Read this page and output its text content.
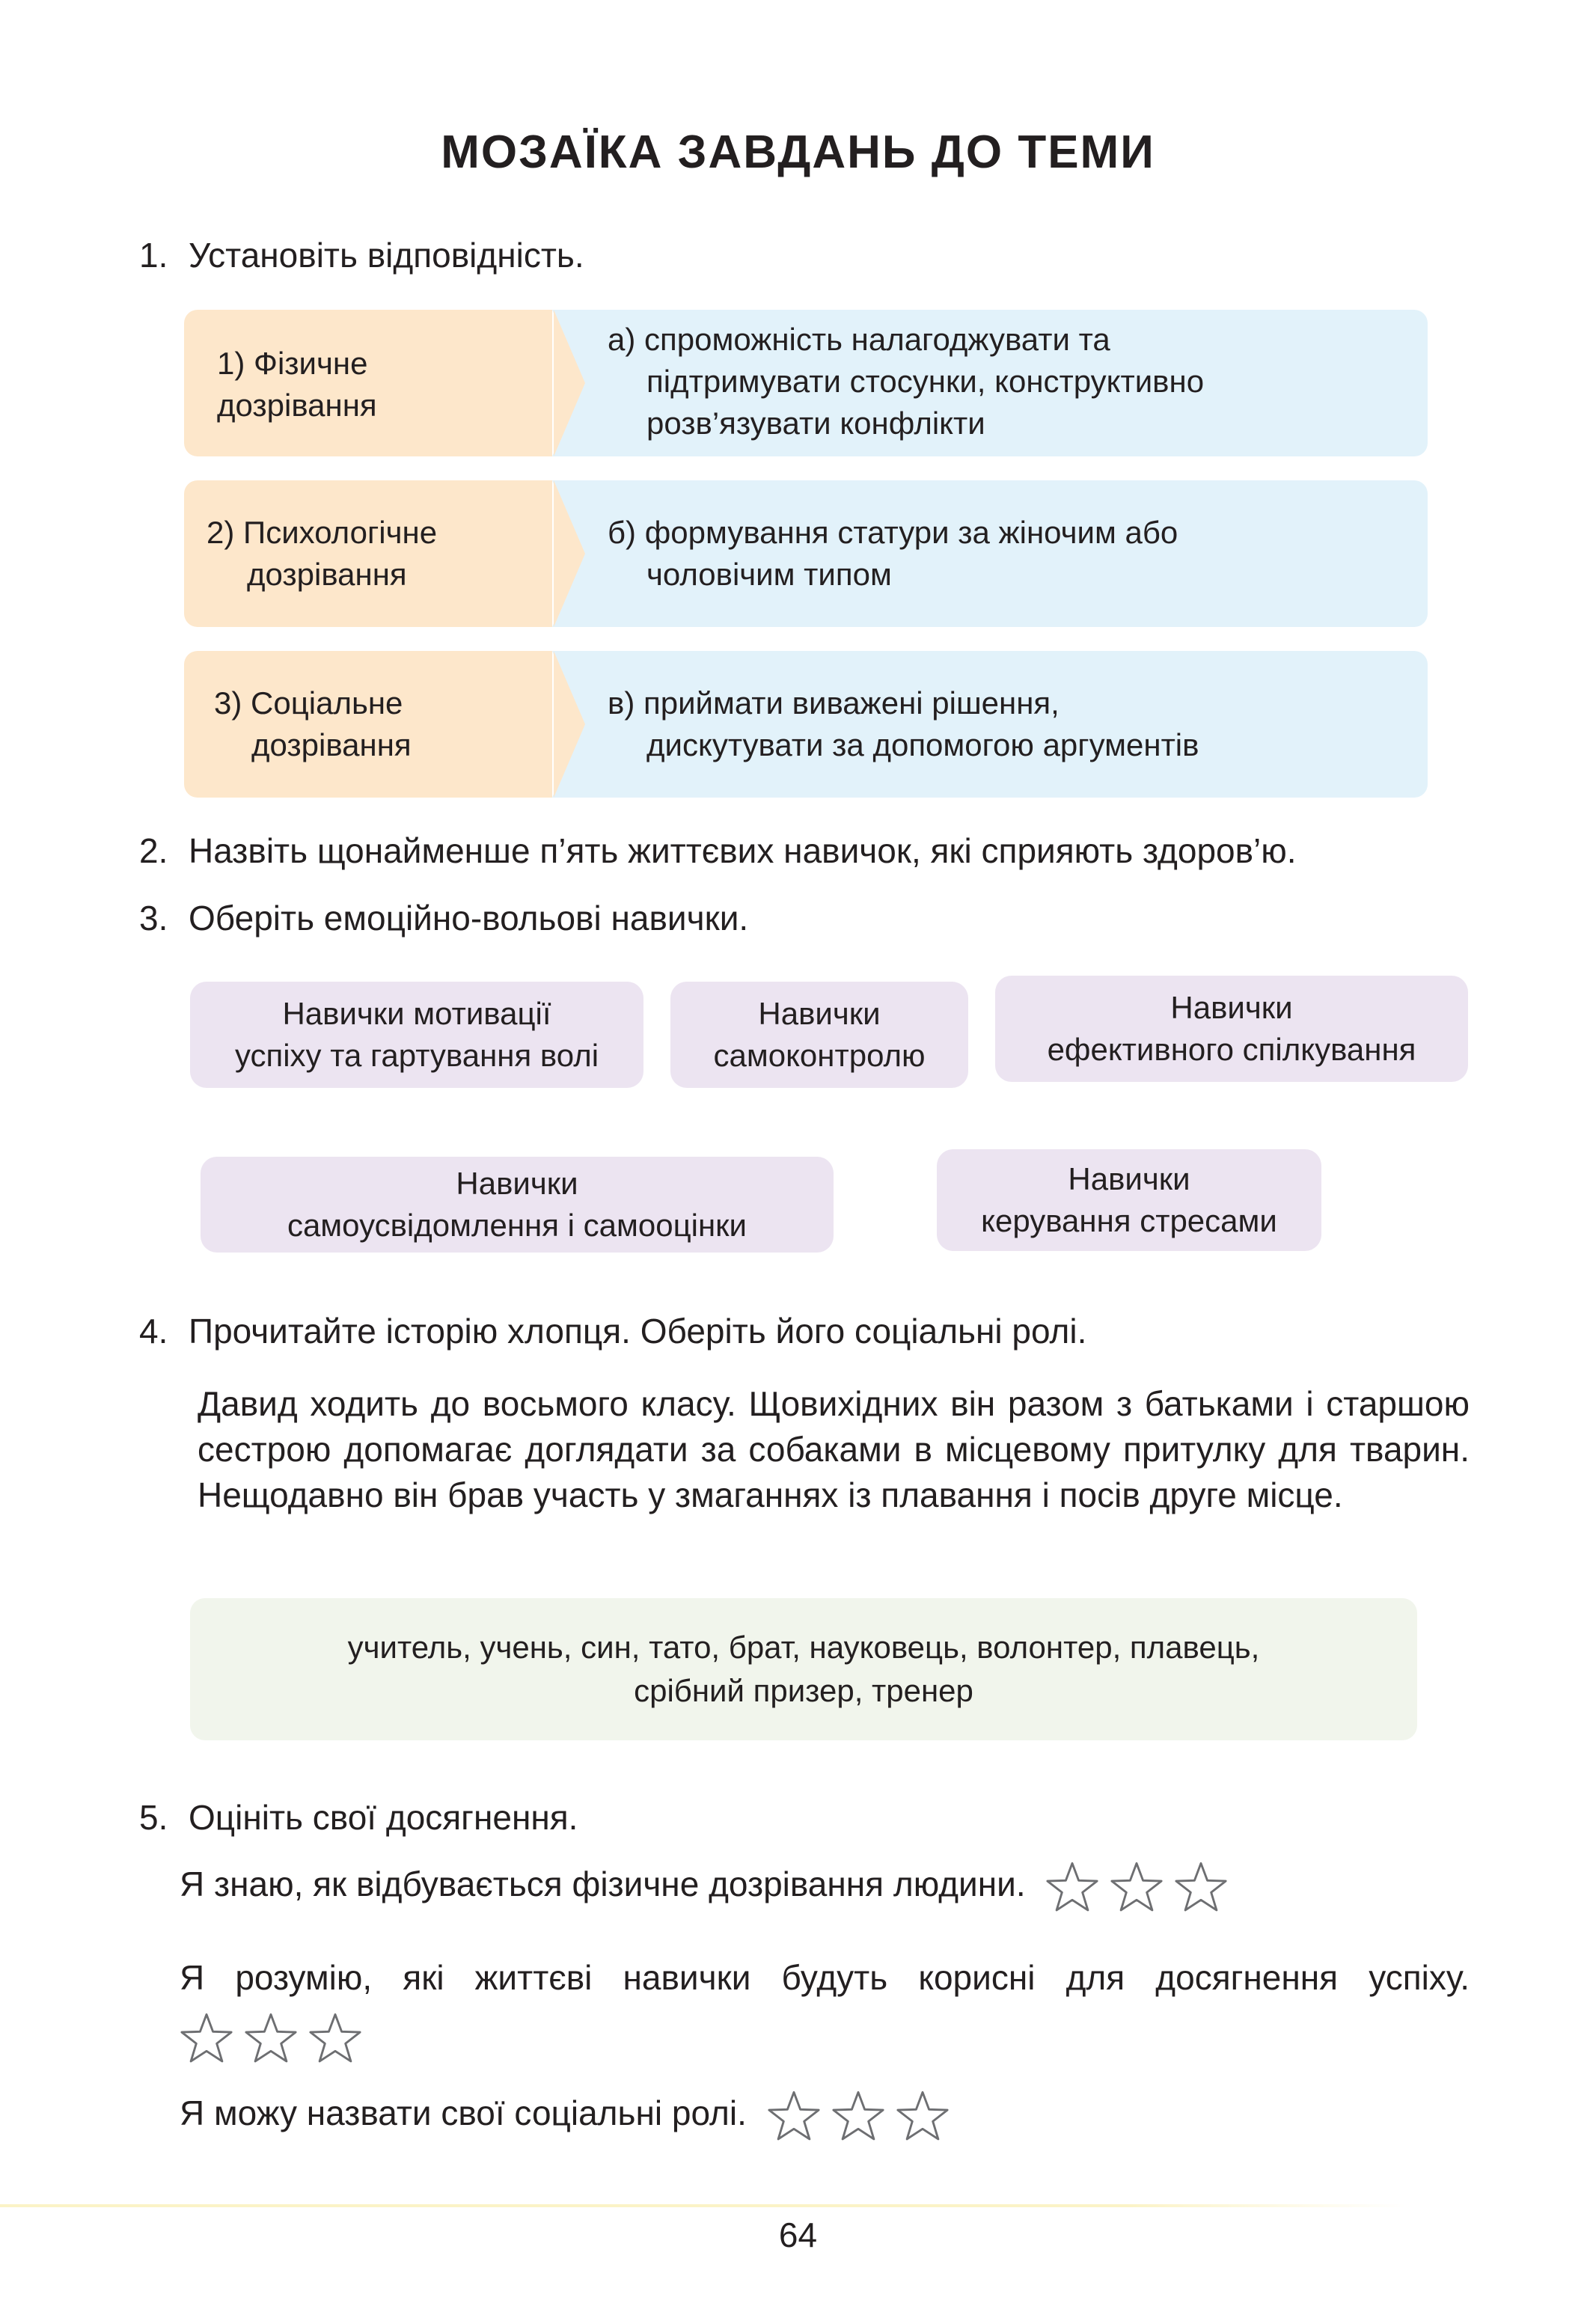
МОЗАЇКА ЗАВДАНЬ ДО ТЕМИ
1. Установіть відповідність.
1) Фізичне
дозрівання
а) спроможність налагоджувати та
підтримувати стосунки, конструктивно
розв’язувати конфлікти
2) Психологічне
дозрівання
б) формування статури за жіночим або
чоловічим типом
3) Соціальне
дозрівання
в) приймати виважені рішення,
дискутувати за допомогою аргументів
2. Назвіть щонайменше п’ять життєвих навичок, які сприяють здоров’ю.
3. Оберіть емоційно-вольові навички.
Навички мотивації
успіху та гартування волі
Навички
самоконтролю
Навички
ефективного спілкування
Навички
самоусвідомлення і самооцінки
Навички
керування стресами
4. Прочитайте історію хлопця. Оберіть його соціальні ролі.

Давид ходить до восьмого класу. Щовихідних він разом з батьками і старшою сестрою допомагає доглядати за собаками в місцевому притулку для тварин. Нещодавно він брав участь у змаганнях із плавання і посів друге місце.

учитель, учень, син, тато, брат, науковець, волонтер, плавець,
срібний призер, тренер
5. Оцініть свої досягнення.
Я знаю, як відбувається фізичне дозрівання людини.
Я розумію, які життєві навички будуть корисні для досягнення успіху.
Я можу назвати свої соціальні ролі.
64
